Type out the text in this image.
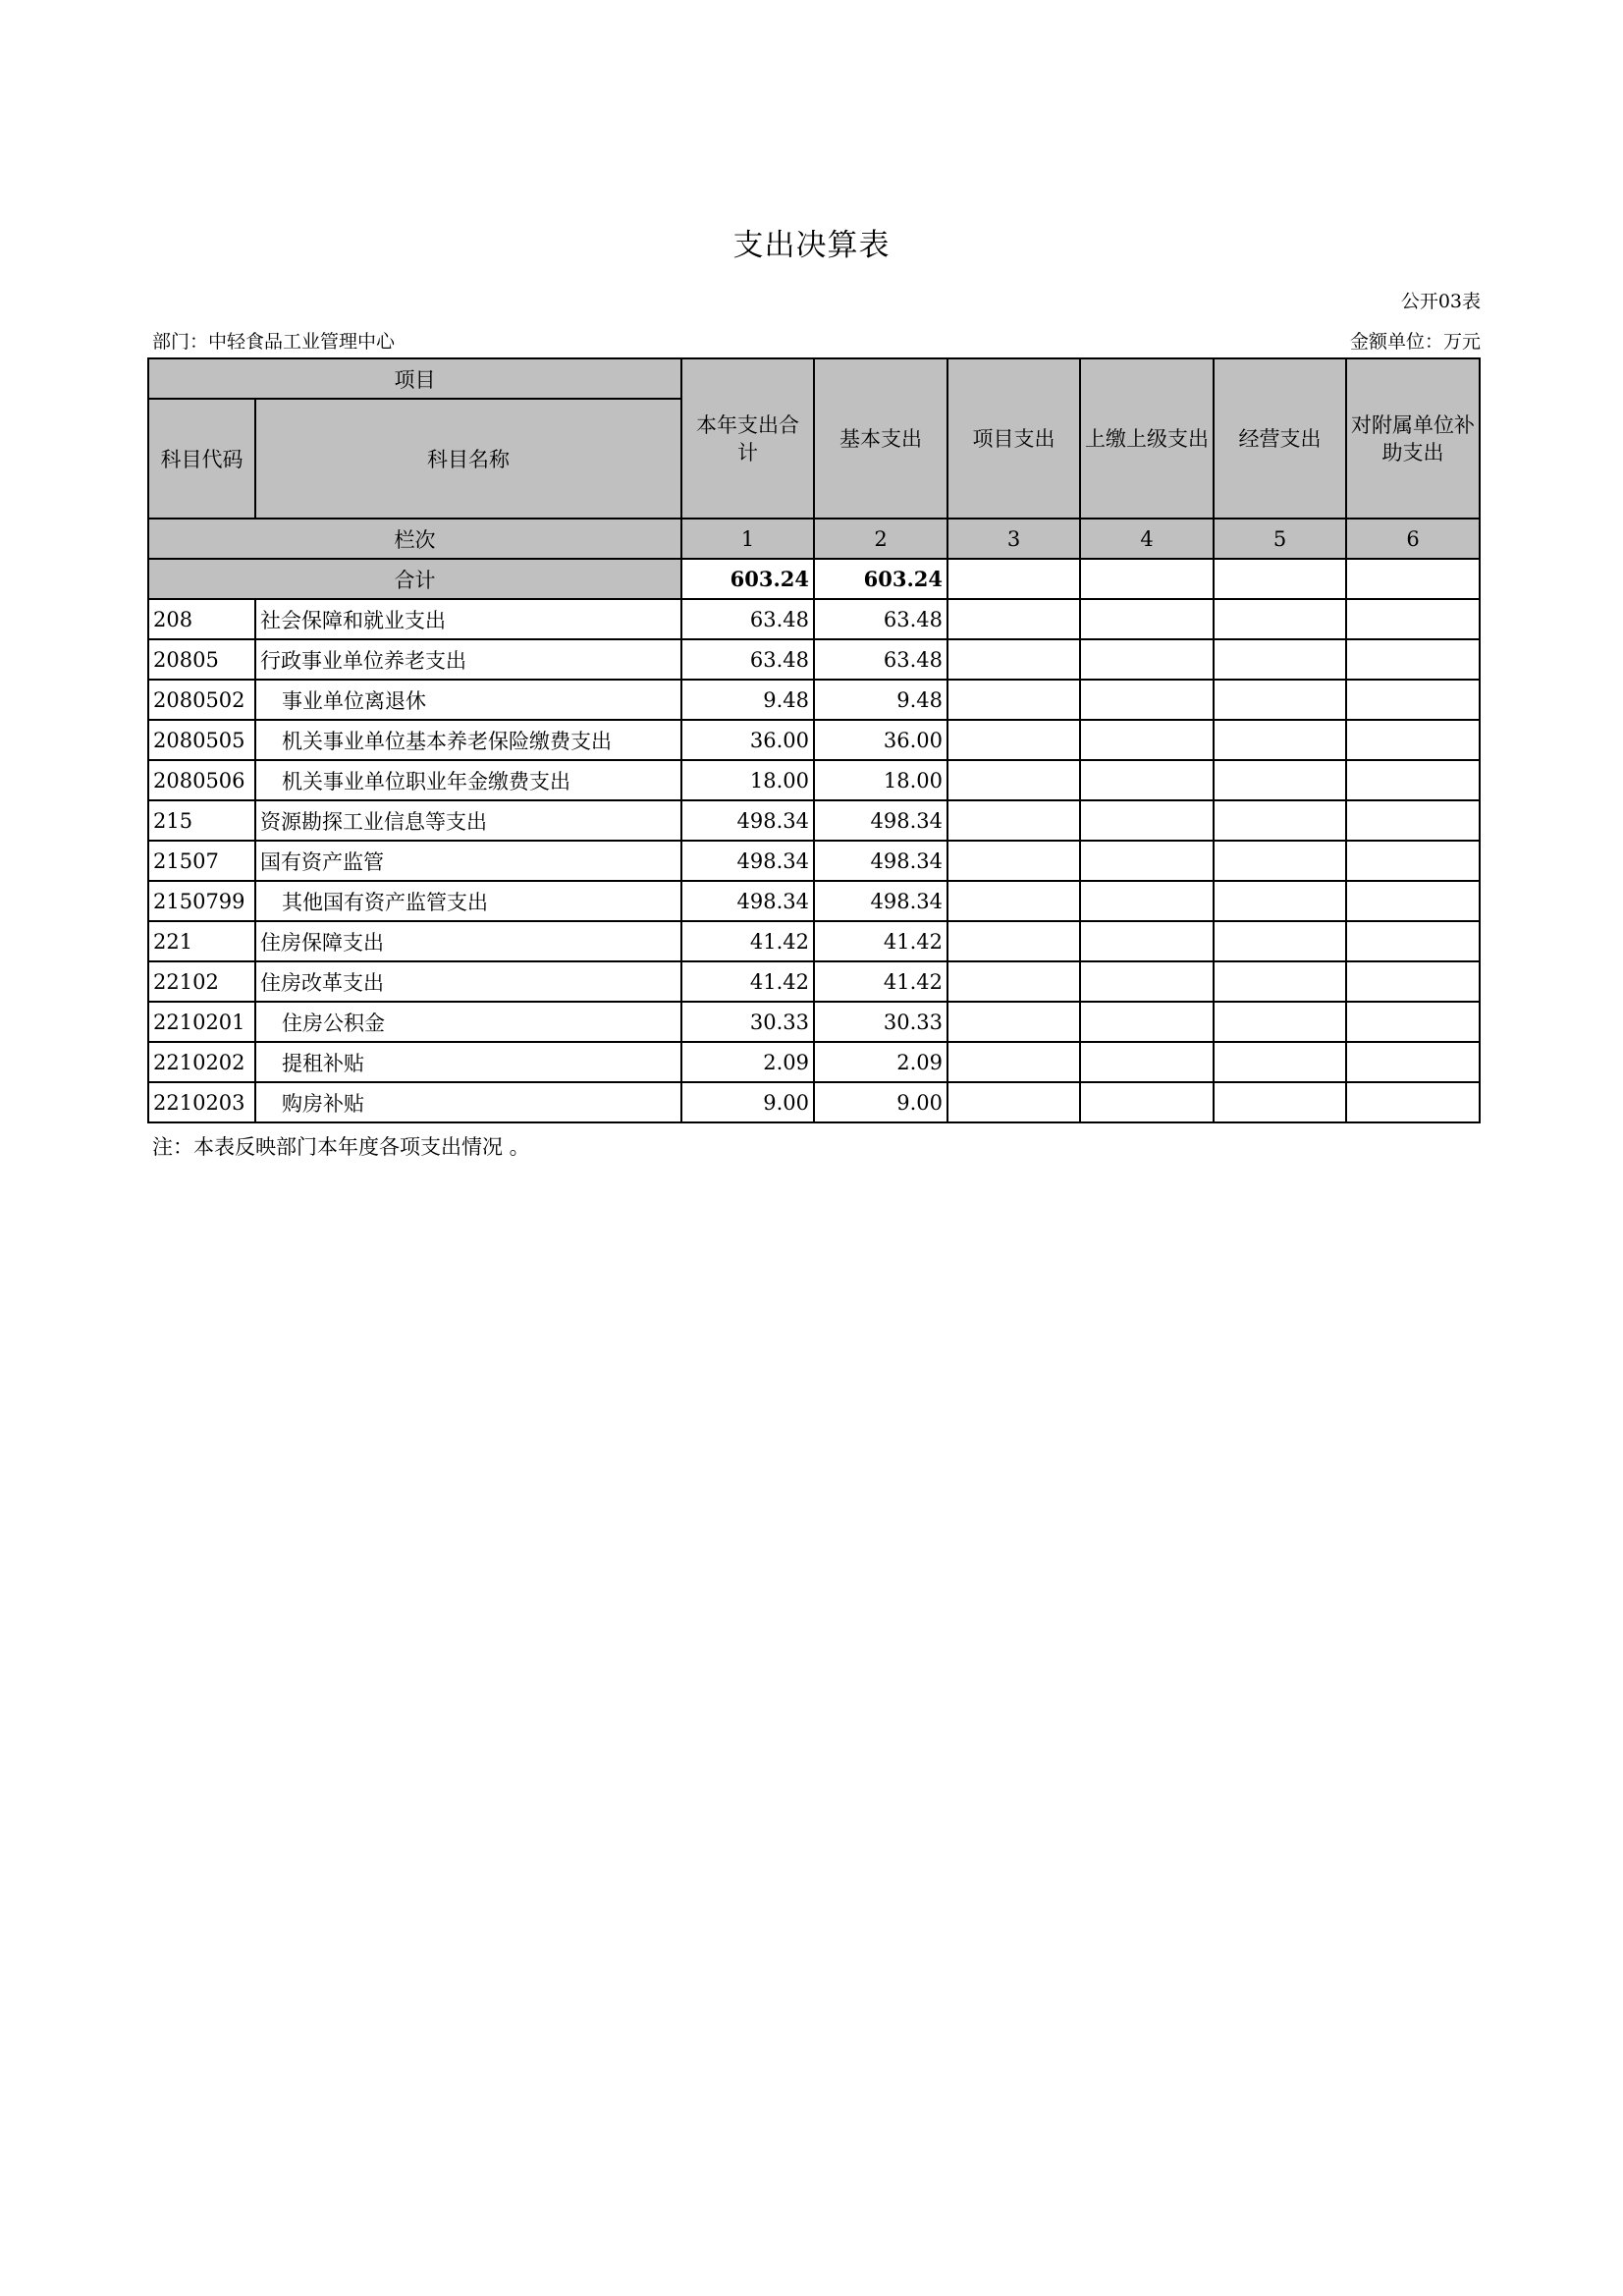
支出决算表
公开03表
部门：中轻食品工业管理中心	金额单位：万元
项目		本年支出合计	基本支出	项目支出	上缴上级支出	经营支出	对附属单位补助支出
科目代码	科目名称						
栏次		1	2	3	4	5	6
合计		603.24	603.24				
208	社会保障和就业支出	63.48	63.48				
20805	行政事业单位养老支出	63.48	63.48				
2080502	事业单位离退休	9.48	9.48				
2080505	机关事业单位基本养老保险缴费支出	36.00	36.00				
2080506	机关事业单位职业年金缴费支出	18.00	18.00				
215	资源勘探工业信息等支出	498.34	498.34				
21507	国有资产监管	498.34	498.34				
2150799	其他国有资产监管支出	498.34	498.34				
221	住房保障支出	41.42	41.42				
22102	住房改革支出	41.42	41.42				
2210201	住房公积金	30.33	30.33				
2210202	提租补贴	2.09	2.09				
2210203	购房补贴	9.00	9.00				
注：本表反映部门本年度各项支出情况 。
